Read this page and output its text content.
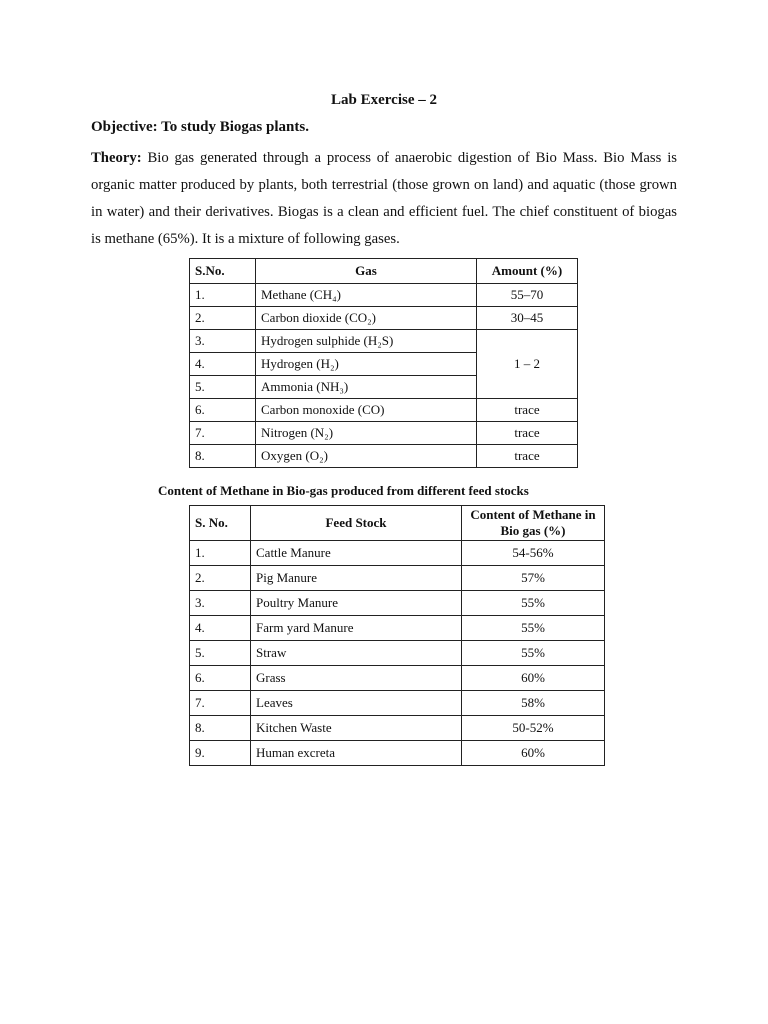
Lab Exercise – 2
Objective: To study Biogas plants.

Theory: Bio gas generated through a process of anaerobic digestion of Bio Mass. Bio Mass is organic matter produced by plants, both terrestrial (those grown on land) and aquatic (those grown in water) and their derivatives. Biogas is a clean and efficient fuel. The chief constituent of biogas is methane (65%). It is a mixture of following gases.

S.No.	Gas	Amount (%)
1.	Methane (CH₄)	55–70
2.	Carbon dioxide (CO₂)	30–45
3.	Hydrogen sulphide (H₂S)	1 – 2
4.	Hydrogen (H₂)	
5.	Ammonia (NH₃)	
6.	Carbon monoxide (CO)	trace
7.	Nitrogen (N₂)	trace
8.	Oxygen (O₂)	trace
Content of Methane in Bio-gas produced from different feed stocks
S. No.	Feed Stock	Content of Methane in Bio gas (%)
1.	Cattle Manure	54-56%
2.	Pig Manure	57%
3.	Poultry Manure	55%
4.	Farm yard Manure	55%
5.	Straw	55%
6.	Grass	60%
7.	Leaves	58%
8.	Kitchen Waste	50-52%
9.	Human excreta	60%
